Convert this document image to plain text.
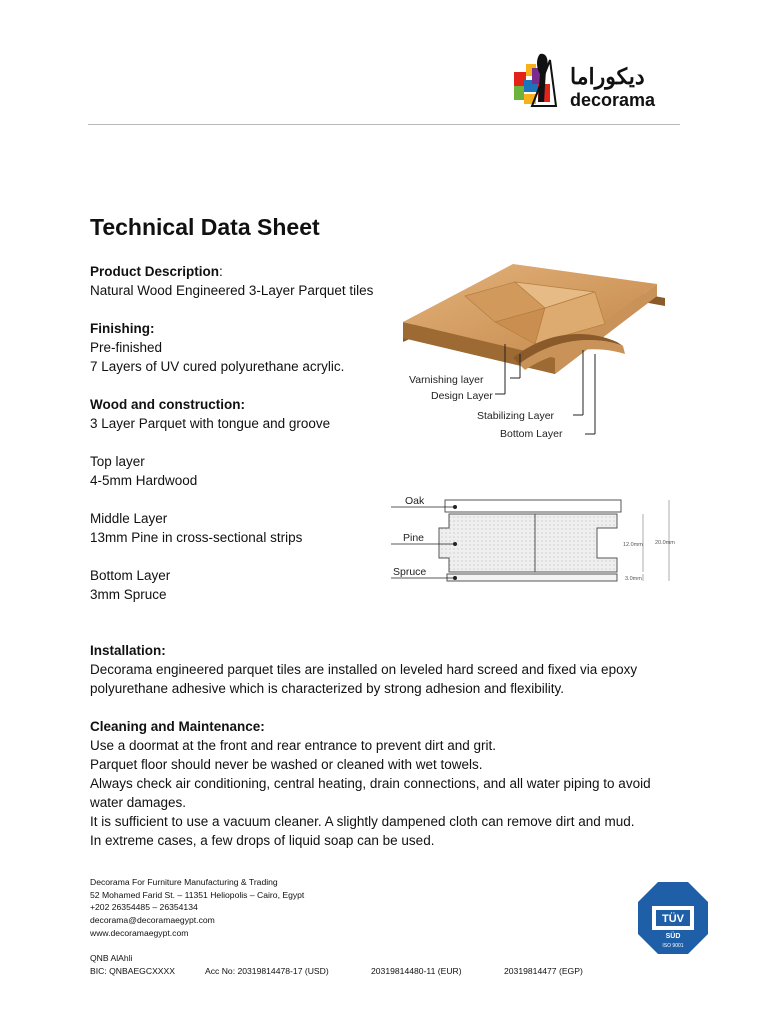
ديكوراما
decorama
Technical Data Sheet

Product Description:

Natural Wood Engineered 3-Layer Parquet tiles

Finishing:

Pre-finished

7 Layers of UV cured polyurethane acrylic.

Wood and construction:

3 Layer Parquet with tongue and groove

Top layer

4-5mm Hardwood

Middle Layer

13mm Pine in cross-sectional strips

Bottom Layer

3mm Spruce

Varnishing layer
Design Layer
Stabilizing Layer
Bottom Layer
Oak
Pine
Spruce
12.0mm 20.0mm
3.0mm

Installation:

Decorama engineered parquet tiles are installed on leveled hard screed and fixed via epoxy

polyurethane adhesive which is characterized by strong adhesion and flexibility.

Cleaning and Maintenance:

Use a doormat at the front and rear entrance to prevent dirt and grit.

Parquet floor should never be washed or cleaned with wet towels.

Always check air conditioning, central heating, drain connections, and all water piping to avoid

water damages.

It is sufficient to use a vacuum cleaner. A slightly dampened cloth can remove dirt and mud.

In extreme cases, a few drops of liquid soap can be used.

Decorama For Furniture Manufacturing & Trading
52 Mohamed Farid St. – 11351 Heliopolis – Cairo, Egypt
+202 26354485 – 26354134
decorama@decoramaegypt.com
www.decoramaegypt.com
QNB AlAhli
BIC: QNBAEGCXXXX	Acc No: 20319814478-17 (USD)	20319814480-11 (EUR)	20319814477 (EGP)
TÜV
SÜD
ISO 9001
